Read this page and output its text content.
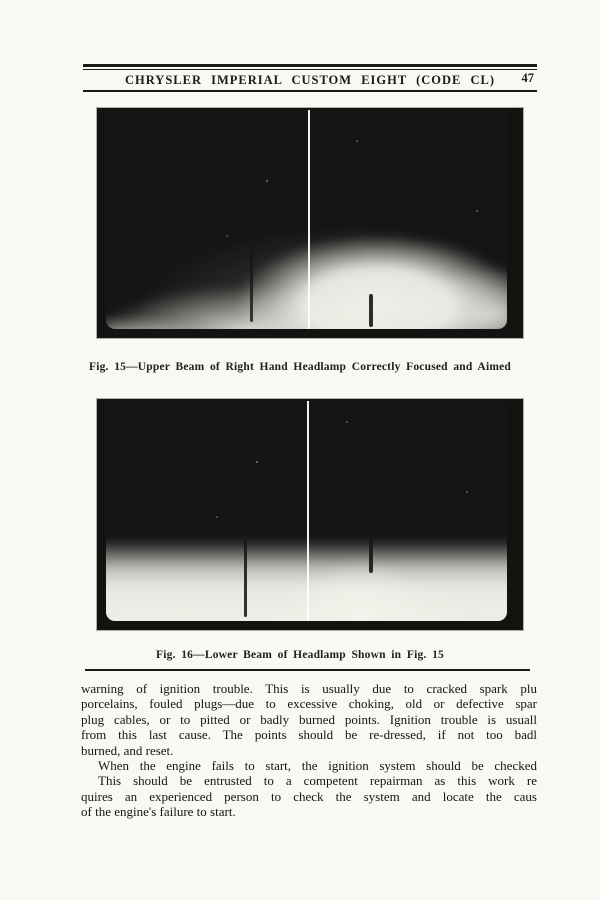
CHRYSLER IMPERIAL CUSTOM EIGHT (CODE CL) 47
Fig. 15—Upper Beam of Right Hand Headlamp Correctly Focused and Aimed
Fig. 16—Lower Beam of Headlamp Shown in Fig. 15

warning of ignition trouble. This is usually due to cracked spark plu

porcelains, fouled plugs—due to excessive choking, old or defective spar

plug cables, or to pitted or badly burned points. Ignition trouble is usuall

from this last cause. The points should be re-dressed, if not too badl

burned, and reset.

When the engine fails to start, the ignition system should be checked

This should be entrusted to a competent repairman as this work re

quires an experienced person to check the system and locate the caus

of the engine's failure to start.
